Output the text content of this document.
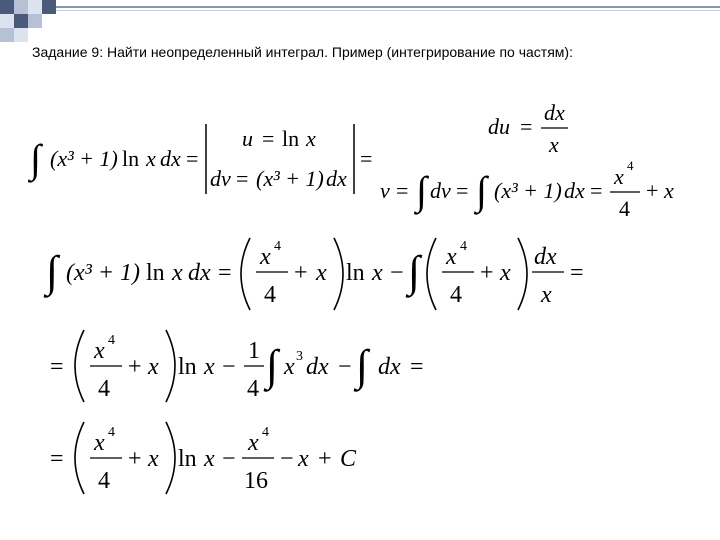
Задание 9: Найти неопределенный интеграл. Пример (интегрирование по частям):
∫ (x³ + 1) ln x dx =
u = ln x
dv = (x³ + 1) dx
=
du =
dx
x
v = ∫ dv = ∫ (x³ + 1) dx =
x 4
4
+ x
∫ (x³ + 1) ln x dx =
x 4
4
+ x ln x − ∫ x 4
4
+ x
dx
x
=
=
x 4
4
+ x ln x −
1
4 ∫ x 3 dx − ∫ dx =
=
x 4
4
+ x ln x −
x 4
16
− x + C
